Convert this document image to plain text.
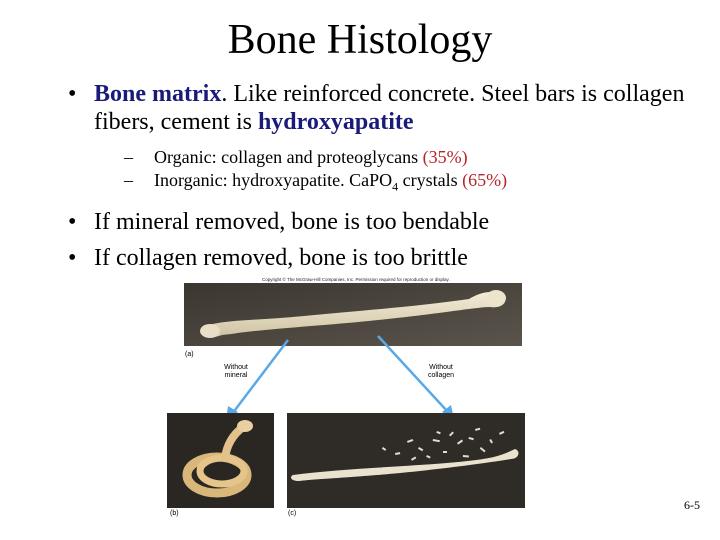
Bone Histology
• Bone matrix. Like reinforced concrete. Steel bars is collagen fibers, cement is hydroxyapatite
– Organic: collagen and proteoglycans (35%)
– Inorganic: hydroxyapatite. CaPO$_4$ crystals (65%)
• If mineral removed, bone is too bendable
• If collagen removed, bone is too brittle
Copyright © The McGraw-Hill Companies, Inc. Permission required for reproduction or display.
(a)
Without mineral
Without collagen
(b)	(c)
6-5
